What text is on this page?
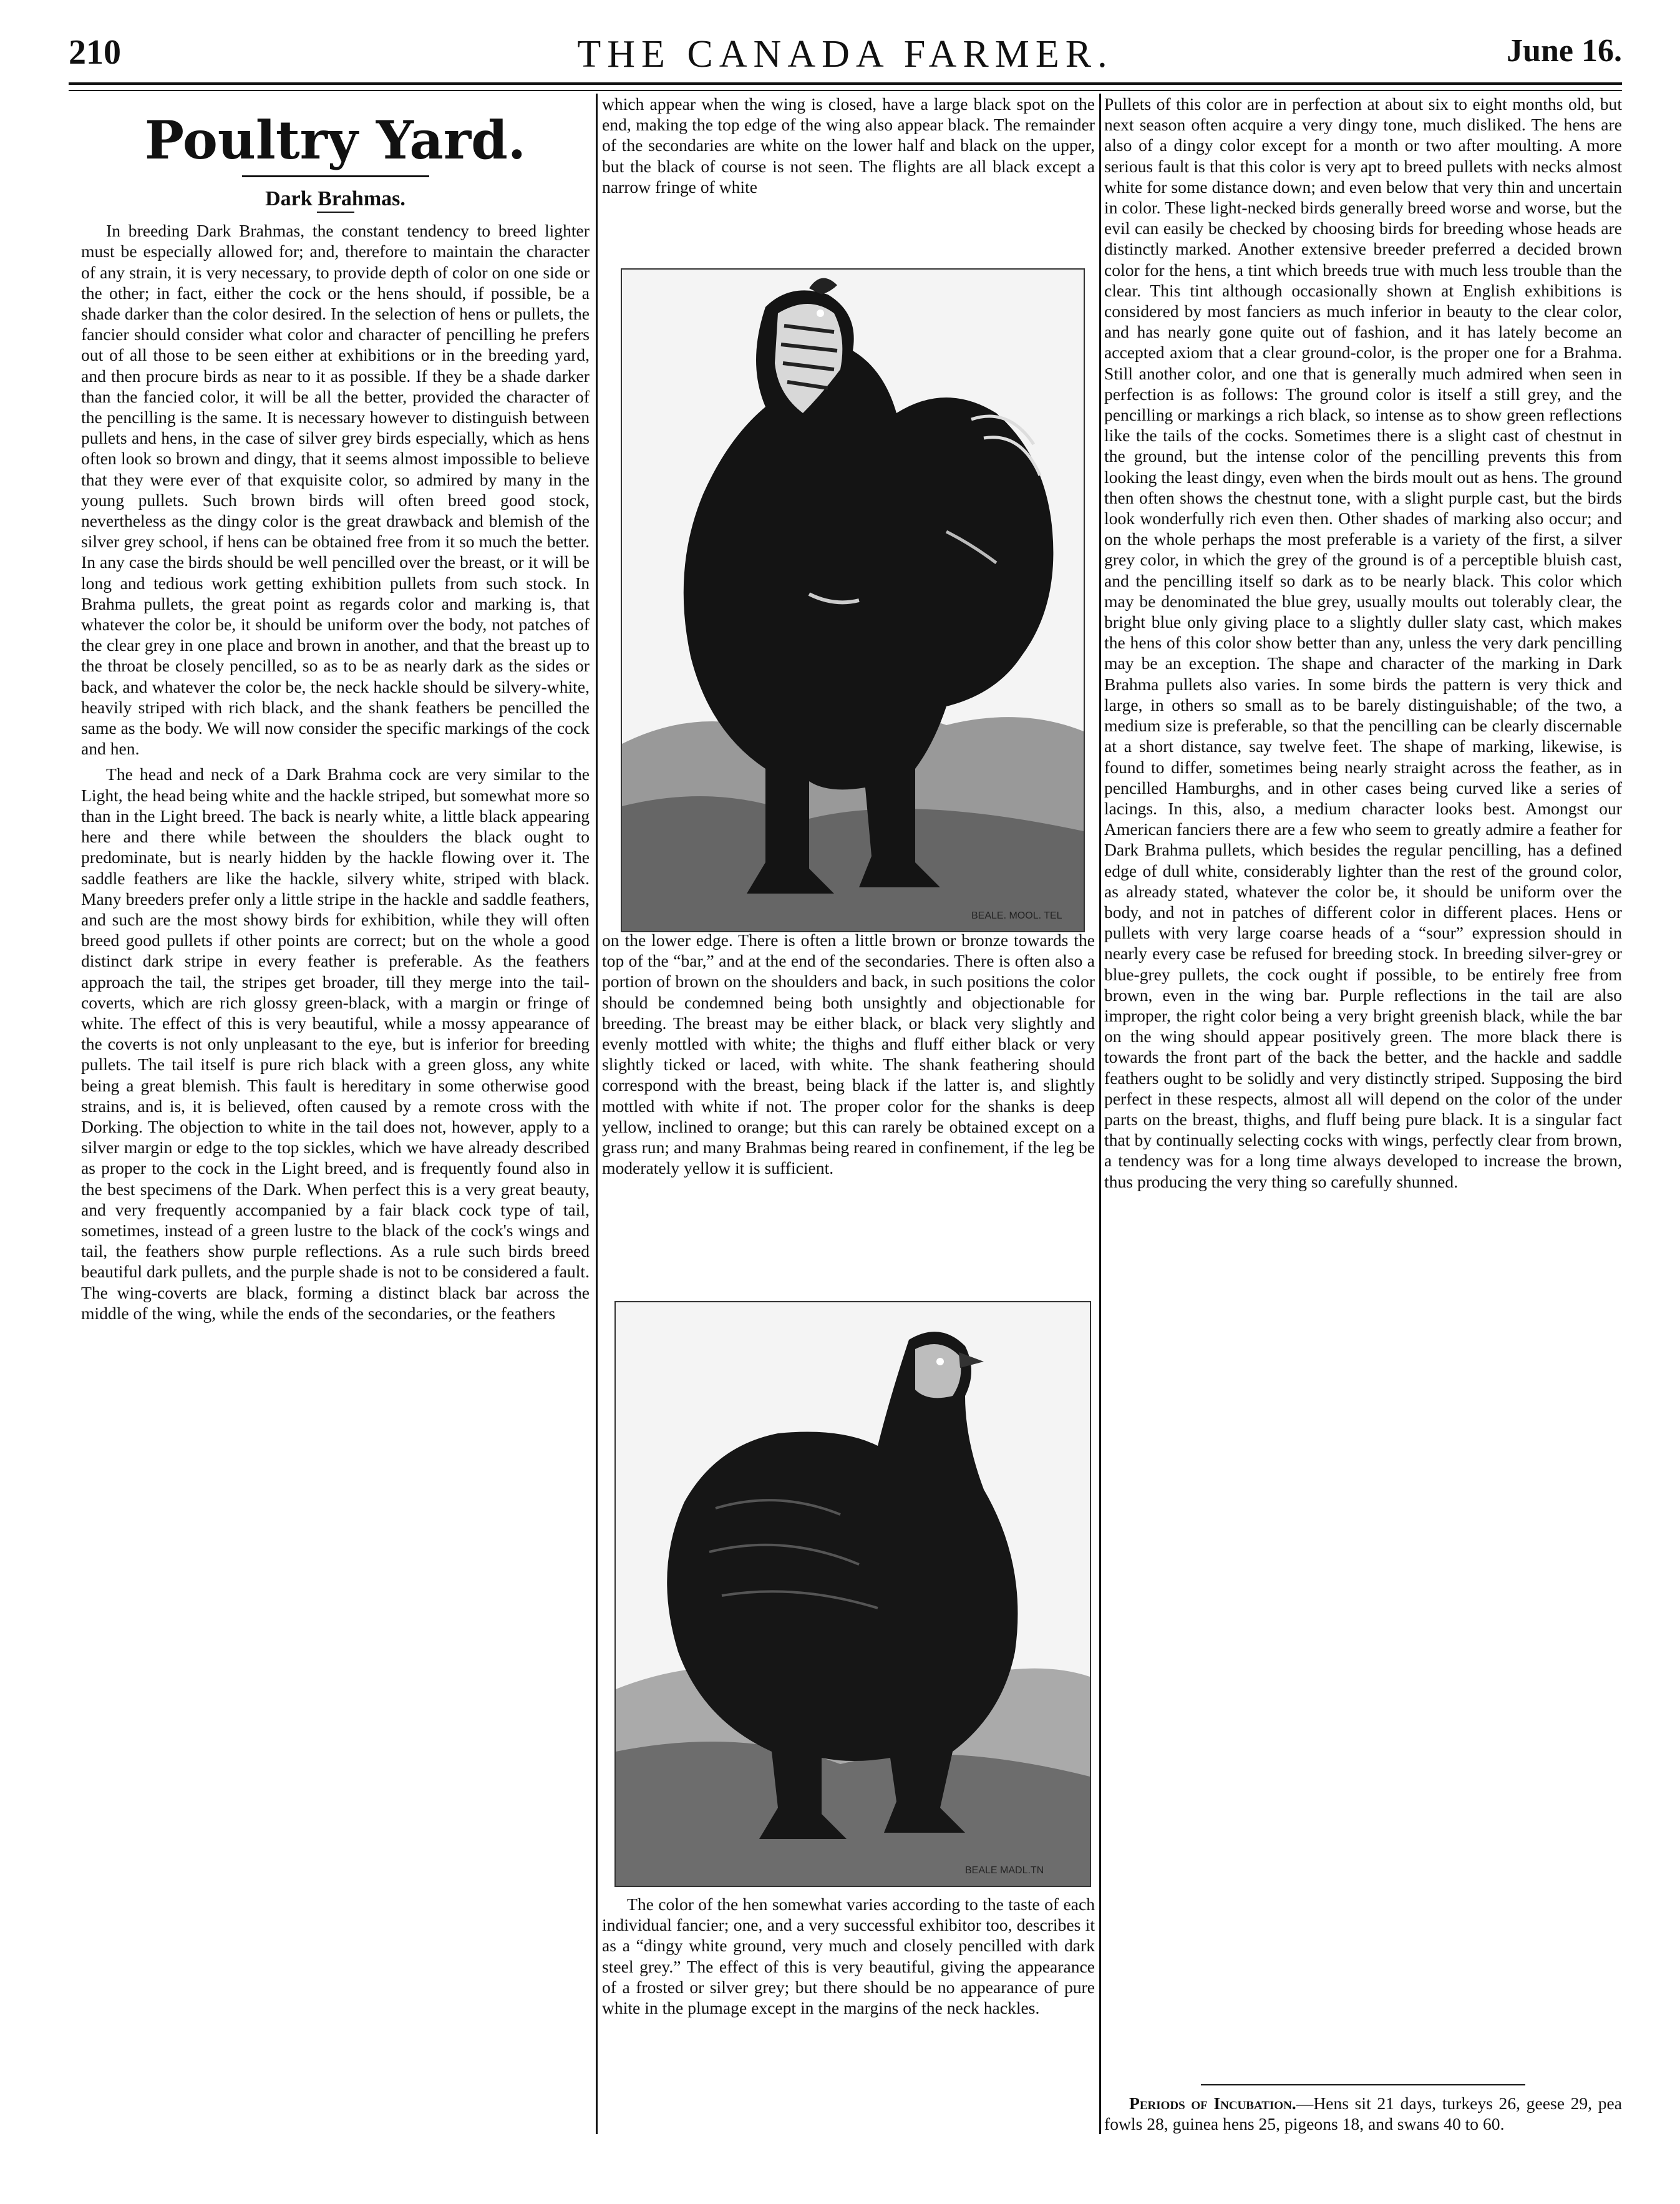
210	THE CANADA FARMER.	June 16.
Poultry Yard.
Dark Brahmas.

In breeding Dark Brahmas, the constant tendency to breed lighter must be especially allowed for; and, therefore to maintain the character of any strain, it is very necessary, to provide depth of color on one side or the other; in fact, either the cock or the hens should, if possible, be a shade darker than the color desired. In the selection of hens or pullets, the fancier should consider what color and character of pencilling he prefers out of all those to be seen either at exhibitions or in the breeding yard, and then procure birds as near to it as possible. If they be a shade darker than the fancied color, it will be all the better, provided the character of the pencilling is the same. It is necessary however to distinguish between pullets and hens, in the case of silver grey birds especially, which as hens often look so brown and dingy, that it seems almost impossible to believe that they were ever of that exquisite color, so admired by many in the young pullets. Such brown birds will often breed good stock, nevertheless as the dingy color is the great drawback and blemish of the silver grey school, if hens can be obtained free from it so much the better. In any case the birds should be well pencilled over the breast, or it will be long and tedious work getting exhibition pullets from such stock. In Brahma pullets, the great point as regards color and marking is, that whatever the color be, it should be uniform over the body, not patches of the clear grey in one place and brown in another, and that the breast up to the throat be closely pencilled, so as to be as nearly dark as the sides or back, and whatever the color be, the neck hackle should be silvery-white, heavily striped with rich black, and the shank feathers be pencilled the same as the body. We will now consider the specific markings of the cock and hen.

The head and neck of a Dark Brahma cock are very similar to the Light, the head being white and the hackle striped, but somewhat more so than in the Light breed. The back is nearly white, a little black appearing here and there while between the shoulders the black ought to predominate, but is nearly hidden by the hackle flowing over it. The saddle feathers are like the hackle, silvery white, striped with black. Many breeders prefer only a little stripe in the hackle and saddle feathers, and such are the most showy birds for exhibition, while they will often breed good pullets if other points are correct; but on the whole a good distinct dark stripe in every feather is preferable. As the feathers approach the tail, the stripes get broader, till they merge into the tail-coverts, which are rich glossy green-black, with a margin or fringe of white. The effect of this is very beautiful, while a mossy appearance of the coverts is not only unpleasant to the eye, but is inferior for breeding pullets. The tail itself is pure rich black with a green gloss, any white being a great blemish. This fault is hereditary in some otherwise good strains, and is, it is believed, often caused by a remote cross with the Dorking. The objection to white in the tail does not, however, apply to a silver margin or edge to the top sickles, which we have already described as proper to the cock in the Light breed, and is frequently found also in the best specimens of the Dark. When perfect this is a very great beauty, and very frequently accompanied by a fair black cock type of tail, sometimes, instead of a green lustre to the black of the cock's wings and tail, the feathers show purple reflections. As a rule such birds breed beautiful dark pullets, and the purple shade is not to be considered a fault. The wing-coverts are black, forming a distinct black bar across the middle of the wing, while the ends of the secondaries, or the feathers

which appear when the wing is closed, have a large black spot on the end, making the top edge of the wing also appear black. The remainder of the secondaries are white on the lower half and black on the upper, but the black of course is not seen. The flights are all black except a narrow fringe of white

BEALE. MOOL. TEL

on the lower edge. There is often a little brown or bronze towards the top of the “bar,” and at the end of the secondaries. There is often also a portion of brown on the shoulders and back, in such positions the color should be condemned being both unsightly and objectionable for breeding. The breast may be either black, or black very slightly and evenly mottled with white; the thighs and fluff either black or very slightly ticked or laced, with white. The shank feathering should correspond with the breast, being black if the latter is, and slightly mottled with white if not. The proper color for the shanks is deep yellow, inclined to orange; but this can rarely be obtained except on a grass run; and many Brahmas being reared in confinement, if the leg be moderately yellow it is sufficient.

BEALE MADL.TN

The color of the hen somewhat varies according to the taste of each individual fancier; one, and a very successful exhibitor too, describes it as a “dingy white ground, very much and closely pencilled with dark steel grey.” The effect of this is very beautiful, giving the appearance of a frosted or silver grey; but there should be no appearance of pure white in the plumage except in the margins of the neck hackles.

Pullets of this color are in perfection at about six to eight months old, but next season often acquire a very dingy tone, much disliked. The hens are also of a dingy color except for a month or two after moulting. A more serious fault is that this color is very apt to breed pullets with necks almost white for some distance down; and even below that very thin and uncertain in color. These light-necked birds generally breed worse and worse, but the evil can easily be checked by choosing birds for breeding whose heads are distinctly marked. Another extensive breeder preferred a decided brown color for the hens, a tint which breeds true with much less trouble than the clear. This tint although occasionally shown at English exhibitions is considered by most fanciers as much inferior in beauty to the clear color, and has nearly gone quite out of fashion, and it has lately become an accepted axiom that a clear ground-color, is the proper one for a Brahma. Still another color, and one that is generally much admired when seen in perfection is as follows: The ground color is itself a still grey, and the pencilling or markings a rich black, so intense as to show green reflections like the tails of the cocks. Sometimes there is a slight cast of chestnut in the ground, but the intense color of the pencilling prevents this from looking the least dingy, even when the birds moult out as hens. The ground then often shows the chestnut tone, with a slight purple cast, but the birds look wonderfully rich even then. Other shades of marking also occur; and on the whole perhaps the most preferable is a variety of the first, a silver grey color, in which the grey of the ground is of a perceptible bluish cast, and the pencilling itself so dark as to be nearly black. This color which may be denominated the blue grey, usually moults out tolerably clear, the bright blue only giving place to a slightly duller slaty cast, which makes the hens of this color show better than any, unless the very dark pencilling may be an exception. The shape and character of the marking in Dark Brahma pullets also varies. In some birds the pattern is very thick and large, in others so small as to be barely distinguishable; of the two, a medium size is preferable, so that the pencilling can be clearly discernable at a short distance, say twelve feet. The shape of marking, likewise, is found to differ, sometimes being nearly straight across the feather, as in pencilled Hamburghs, and in other cases being curved like a series of lacings. In this, also, a medium character looks best. Amongst our American fanciers there are a few who seem to greatly admire a feather for Dark Brahma pullets, which besides the regular pencilling, has a defined edge of dull white, considerably lighter than the rest of the ground color, as already stated, whatever the color be, it should be uniform over the body, and not in patches of different color in different places. Hens or pullets with very large coarse heads of a “sour” expression should in nearly every case be refused for breeding stock. In breeding silver-grey or blue-grey pullets, the cock ought if possible, to be entirely free from brown, even in the wing bar. Purple reflections in the tail are also improper, the right color being a very bright greenish black, while the bar on the wing should appear positively green. The more black there is towards the front part of the back the better, and the hackle and saddle feathers ought to be solidly and very distinctly striped. Supposing the bird perfect in these respects, almost all will depend on the color of the under parts on the breast, thighs, and fluff being pure black. It is a singular fact that by continually selecting cocks with wings, perfectly clear from brown, a tendency was for a long time always developed to increase the brown, thus producing the very thing so carefully shunned.

Periods of Incubation.—Hens sit 21 days, turkeys 26, geese 29, pea fowls 28, guinea hens 25, pigeons 18, and swans 40 to 60.
